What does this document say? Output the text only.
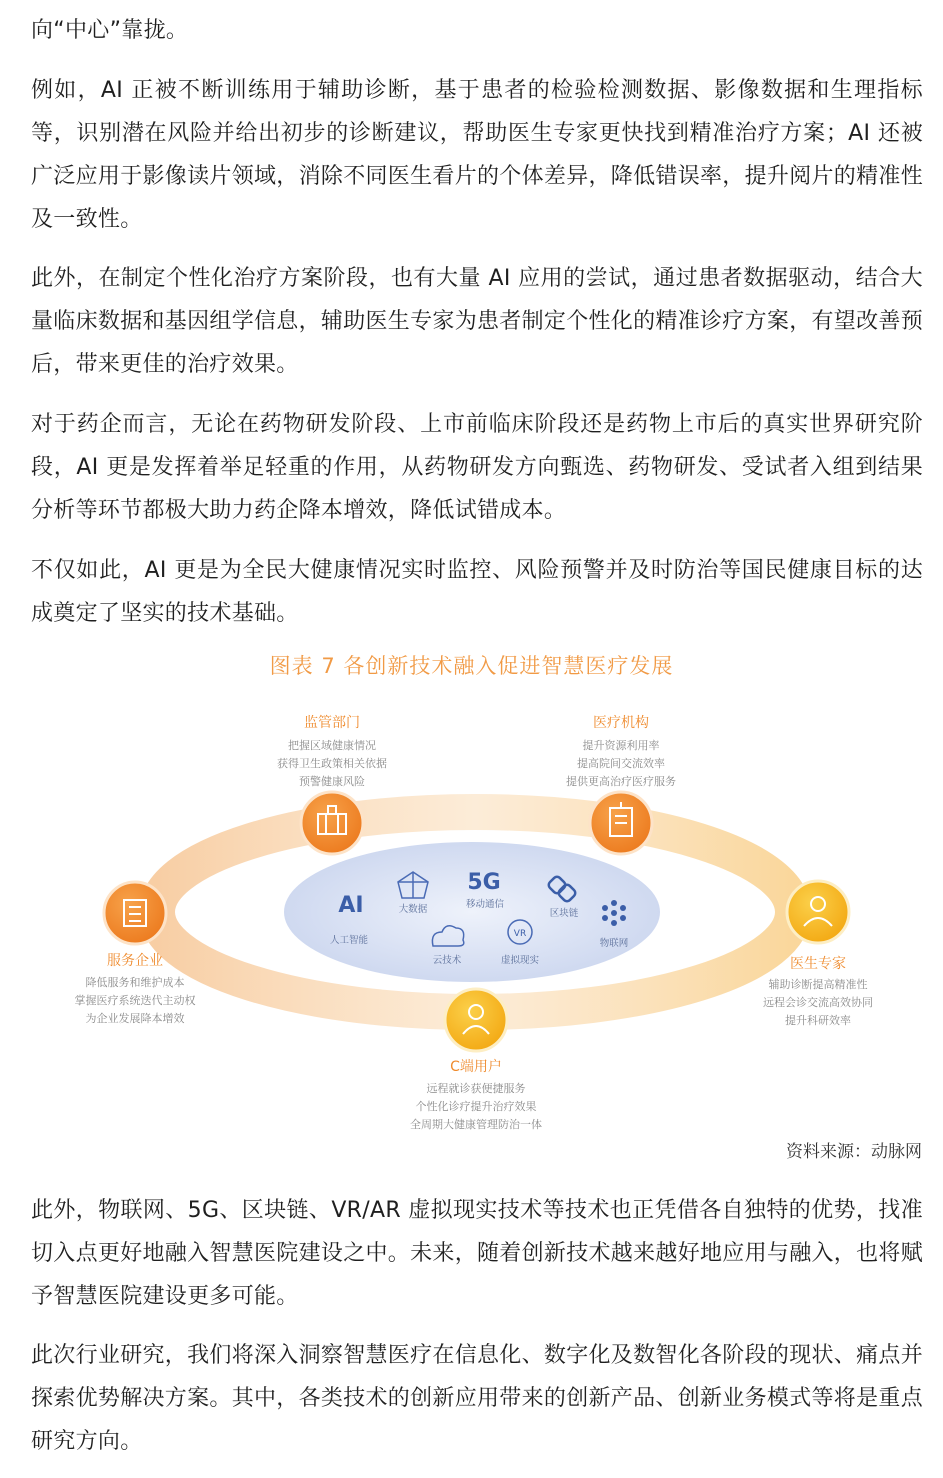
向“中心”靠拢。

例如，AI 正被不断训练用于辅助诊断，基于患者的检验检测数据、影像数据和生理指标等，识别潜在风险并给出初步的诊断建议，帮助医生专家更快找到精准治疗方案；AI 还被广泛应用于影像读片领域，消除不同医生看片的个体差异，降低错误率，提升阅片的精准性及一致性。

此外，在制定个性化治疗方案阶段，也有大量 AI 应用的尝试，通过患者数据驱动，结合大量临床数据和基因组学信息，辅助医生专家为患者制定个性化的精准诊疗方案，有望改善预后，带来更佳的治疗效果。

对于药企而言，无论在药物研发阶段、上市前临床阶段还是药物上市后的真实世界研究阶段，AI 更是发挥着举足轻重的作用，从药物研发方向甄选、药物研发、受试者入组到结果分析等环节都极大助力药企降本增效，降低试错成本。

不仅如此，AI 更是为全民大健康情况实时监控、风险预警并及时防治等国民健康目标的达成奠定了坚实的技术基础。

图表 7 各创新技术融入促进智慧医疗发展
监管部门
把握区域健康情况
获得卫生政策相关依据
预警健康风险
医疗机构
提升资源利用率
提高院间交流效率
提供更高治疗医疗服务
服务企业
降低服务和维护成本
掌握医疗系统迭代主动权
为企业发展降本增效
医生专家
辅助诊断提高精准性
远程会诊交流高效协同
提升科研效率
C端用户
远程就诊获便捷服务
个性化诊疗提升治疗效果
全周期大健康管理防治一体
AI
人工智能
大数据
5G
移动通信
区块链
物联网
云技术
VR
虚拟现实
资料来源：动脉网

此外，物联网、5G、区块链、VR/AR 虚拟现实技术等技术也正凭借各自独特的优势，找准切入点更好地融入智慧医院建设之中。未来，随着创新技术越来越好地应用与融入，也将赋予智慧医院建设更多可能。

此次行业研究，我们将深入洞察智慧医疗在信息化、数字化及数智化各阶段的现状、痛点并探索优势解决方案。其中，各类技术的创新应用带来的创新产品、创新业务模式等将是重点研究方向。
